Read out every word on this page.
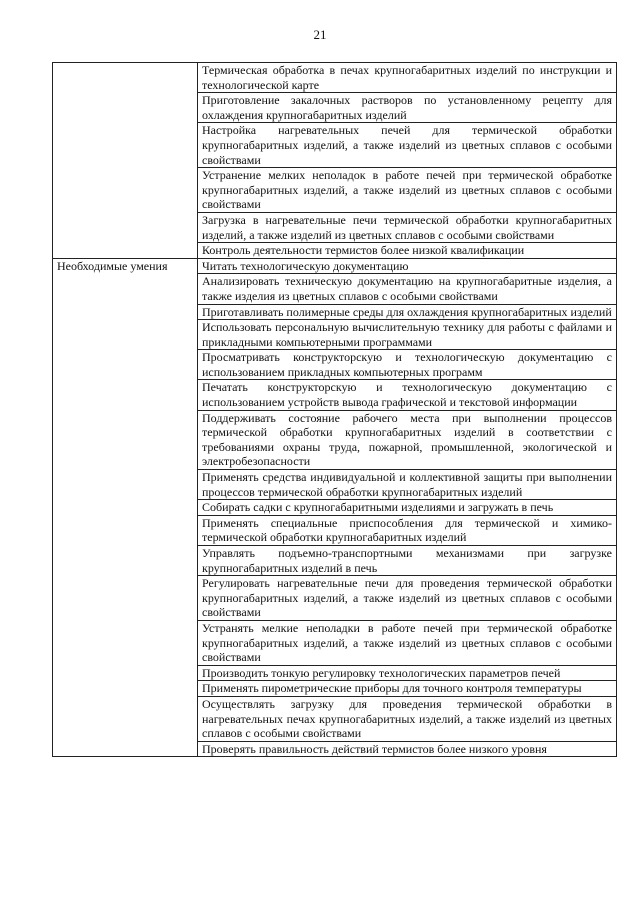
21
	Термическая обработка в печах крупногабаритных изделий по инструкции и технологической карте
	Приготовление закалочных растворов по установленному рецепту для охлаждения крупногабаритных изделий
	Настройка нагревательных печей для термической обработки крупногабаритных изделий, а также изделий из цветных сплавов с особыми свойствами
	Устранение мелких неполадок в работе печей при термической обработке крупногабаритных изделий, а также изделий из цветных сплавов с особыми свойствами
	Загрузка в нагревательные печи термической обработки крупногабаритных изделий, а также изделий из цветных сплавов с особыми свойствами
	Контроль деятельности термистов более низкой квалификации
Необходимые умения	Читать технологическую документацию
	Анализировать техническую документацию на крупногабаритные изделия, а также изделия из цветных сплавов с особыми свойствами
	Приготавливать полимерные среды для охлаждения крупногабаритных изделий
	Использовать персональную вычислительную технику для работы с файлами и прикладными компьютерными программами
	Просматривать конструкторскую и технологическую документацию с использованием прикладных компьютерных программ
	Печатать конструкторскую и технологическую документацию с использованием устройств вывода графической и текстовой информации
	Поддерживать состояние рабочего места при выполнении процессов термической обработки крупногабаритных изделий в соответствии с требованиями охраны труда, пожарной, промышленной, экологической и электробезопасности
	Применять средства индивидуальной и коллективной защиты при выполнении процессов термической обработки крупногабаритных изделий
	Собирать садки с крупногабаритными изделиями и загружать в печь
	Применять специальные приспособления для термической и химико-термической обработки крупногабаритных изделий
	Управлять подъемно-транспортными механизмами при загрузке крупногабаритных изделий в печь
	Регулировать нагревательные печи для проведения термической обработки крупногабаритных изделий, а также изделий из цветных сплавов с особыми свойствами
	Устранять мелкие неполадки в работе печей при термической обработке крупногабаритных изделий, а также изделий из цветных сплавов с особыми свойствами
	Производить тонкую регулировку технологических параметров печей
	Применять пирометрические приборы для точного контроля температуры
	Осуществлять загрузку для проведения термической обработки в нагревательных печах крупногабаритных изделий, а также изделий из цветных сплавов с особыми свойствами
	Проверять правильность действий термистов более низкого уровня
